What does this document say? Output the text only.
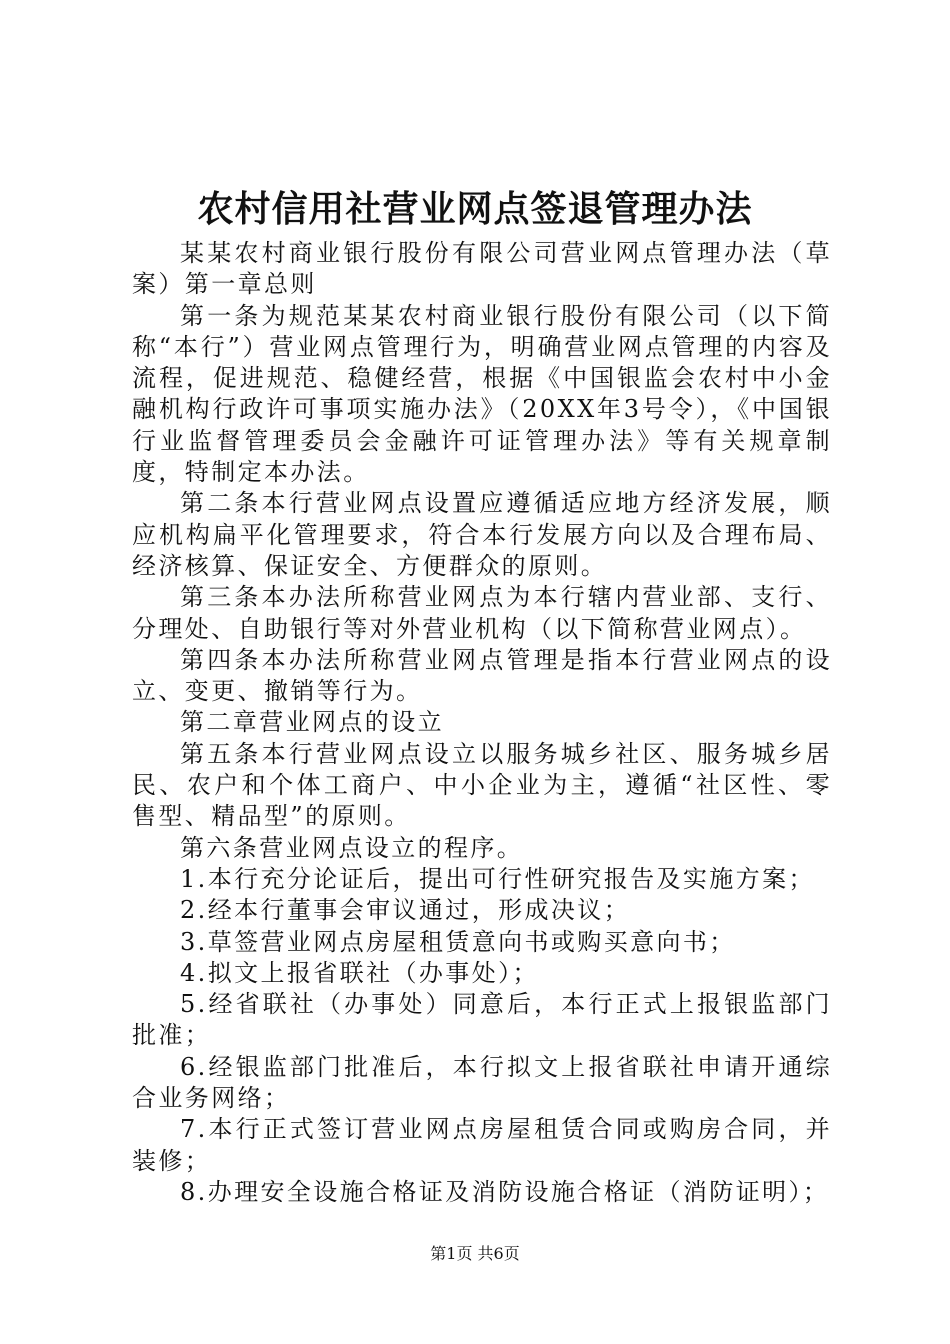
农村信用社营业网点签退管理办法

某某农村商业银行股份有限公司营业网点管理办法（草案）第一章总则

第一条为规范某某农村商业银行股份有限公司（以下简称“本行”）营业网点管理行为，明确营业网点管理的内容及流程，促进规范、稳健经营，根据《中国银监会农村中小金融机构行政许可事项实施办法》（20XX年3号令），《中国银行业监督管理委员会金融许可证管理办法》等有关规章制度，特制定本办法。

第二条本行营业网点设置应遵循适应地方经济发展，顺应机构扁平化管理要求，符合本行发展方向以及合理布局、经济核算、保证安全、方便群众的原则。

第三条本办法所称营业网点为本行辖内营业部、支行、分理处、自助银行等对外营业机构（以下简称营业网点）。

第四条本办法所称营业网点管理是指本行营业网点的设立、变更、撤销等行为。

第二章营业网点的设立

第五条本行营业网点设立以服务城乡社区、服务城乡居民、农户和个体工商户、中小企业为主，遵循“社区性、零售型、精品型”的原则。

第六条营业网点设立的程序。

1.本行充分论证后，提出可行性研究报告及实施方案；

2.经本行董事会审议通过，形成决议；

3.草签营业网点房屋租赁意向书或购买意向书；

4.拟文上报省联社（办事处）；

5.经省联社（办事处）同意后，本行正式上报银监部门批准；

6.经银监部门批准后，本行拟文上报省联社申请开通综合业务网络；

7.本行正式签订营业网点房屋租赁合同或购房合同，并装修；

8.办理安全设施合格证及消防设施合格证（消防证明）；

第1页 共6页
